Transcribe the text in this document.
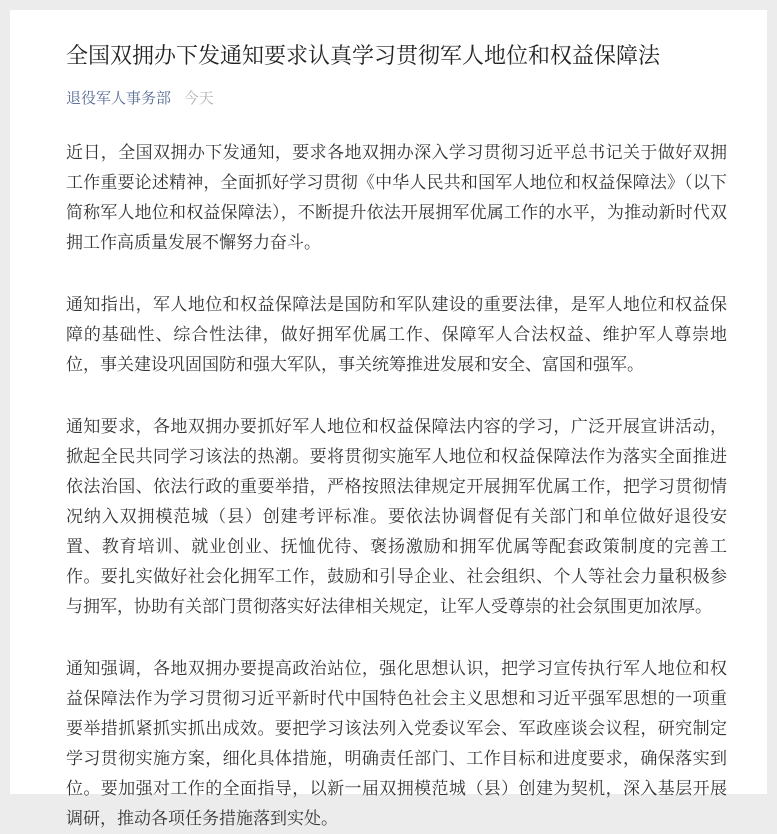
全国双拥办下发通知要求认真学习贯彻军人地位和权益保障法
退役军人事务部 今天

近日，全国双拥办下发通知，要求各地双拥办深入学习贯彻习近平总书记关于做好双拥工作重要论述精神，全面抓好学习贯彻《中华人民共和国军人地位和权益保障法》（以下简称军人地位和权益保障法），不断提升依法开展拥军优属工作的水平，为推动新时代双拥工作高质量发展不懈努力奋斗。

通知指出，军人地位和权益保障法是国防和军队建设的重要法律，是军人地位和权益保障的基础性、综合性法律，做好拥军优属工作、保障军人合法权益、维护军人尊崇地位，事关建设巩固国防和强大军队，事关统筹推进发展和安全、富国和强军。

通知要求，各地双拥办要抓好军人地位和权益保障法内容的学习，广泛开展宣讲活动，掀起全民共同学习该法的热潮。要将贯彻实施军人地位和权益保障法作为落实全面推进依法治国、依法行政的重要举措，严格按照法律规定开展拥军优属工作，把学习贯彻情况纳入双拥模范城（县）创建考评标准。要依法协调督促有关部门和单位做好退役安置、教育培训、就业创业、抚恤优待、褒扬激励和拥军优属等配套政策制度的完善工作。要扎实做好社会化拥军工作，鼓励和引导企业、社会组织、个人等社会力量积极参与拥军，协助有关部门贯彻落实好法律相关规定，让军人受尊崇的社会氛围更加浓厚。

通知强调，各地双拥办要提高政治站位，强化思想认识，把学习宣传执行军人地位和权益保障法作为学习贯彻习近平新时代中国特色社会主义思想和习近平强军思想的一项重要举措抓紧抓实抓出成效。要把学习该法列入党委议军会、军政座谈会议程，研究制定学习贯彻实施方案，细化具体措施，明确责任部门、工作目标和进度要求，确保落实到位。要加强对工作的全面指导，以新一届双拥模范城（县）创建为契机，深入基层开展调研，推动各项任务措施落到实处。
